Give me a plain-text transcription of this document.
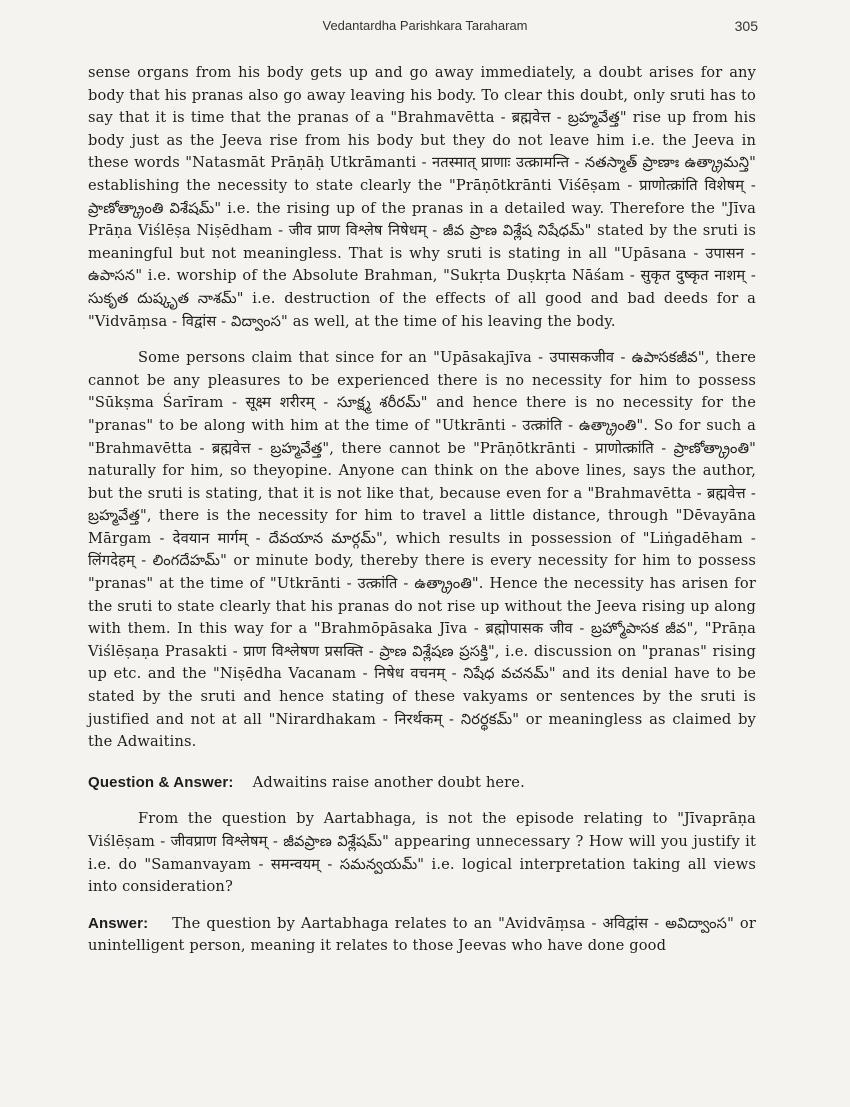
Vedantardha Parishkara Taraharam	305

sense organs from his body gets up and go away immediately, a doubt arises for any body that his pranas also go away leaving his body. To clear this doubt, only sruti has to say that it is time that the pranas of a "Brahmavētta - ब्रह्मवेत्त - బ్రహ్మవేత్త" rise up from his body just as the Jeeva rise from his body but they do not leave him i.e. the Jeeva in these words "Natasmāt Prāṇāḥ Utkrāmanti - नतस्मात् प्राणाः उत्क्रामन्ति - నతస్మాత్ ప్రాణాః ఉత్క్రామన్తి" establishing the necessity to state clearly the "Prāṇōtkrānti Viśēṣam - प्राणोत्क्रांति विशेषम् - ప్రాణోత్క్రాంతి విశేషమ్" i.e. the rising up of the pranas in a detailed way. Therefore the "Jīva Prāṇa Viślēṣa Niṣēdham - जीव प्राण विश्लेष निषेधम् - జీవ ప్రాణ విశ్లేష నిషేధమ్" stated by the sruti is meaningful but not meaningless. That is why sruti is stating in all "Upāsana - उपासन - ఉపాసన" i.e. worship of the Absolute Brahman, "Sukṛta Duṣkṛta Nāśam - सुकृत दुष्कृत नाशम् - సుకృత దుష్కృత నాశమ్" i.e. destruction of the effects of all good and bad deeds for a "Vidvāṃsa - विद्वांस - విద్వాంస" as well, at the time of his leaving the body.

Some persons claim that since for an "Upāsakajīva - उपासकजीव - ఉపాసకజీవ", there cannot be any pleasures to be experienced there is no necessity for him to possess "Sūkṣma Śarīram - सूक्ष्म शरीरम् - సూక్ష్మ శరీరమ్" and hence there is no necessity for the "pranas" to be along with him at the time of "Utkrānti - उत्क्रांति - ఉత్క్రాంతి". So for such a "Brahmavētta - ब्रह्मवेत्त - బ్రహ్మవేత్త", there cannot be "Prāṇōtkrānti - प्राणोत्क्रांति - ప్రాణోత్క్రాంతి" naturally for him, so theyopine. Anyone can think on the above lines, says the author, but the sruti is stating, that it is not like that, because even for a "Brahmavētta - ब्रह्मवेत्त - బ్రహ్మవేత్త", there is the necessity for him to travel a little distance, through "Dēvayāna Mārgam - देवयान मार्गम् - దేవయాన మార్గమ్", which results in possession of "Liṅgadēham - लिंगदेहम् - లింగదేహమ్" or minute body, thereby there is every necessity for him to possess "pranas" at the time of "Utkrānti - उत्क्रांति - ఉత్క్రాంతి". Hence the necessity has arisen for the sruti to state clearly that his pranas do not rise up without the Jeeva rising up along with them. In this way for a "Brahmōpāsaka Jīva - ब्रह्मोपासक जीव - బ్రహ్మోపాసక జీవ", "Prāṇa Viślēṣaṇa Prasakti - प्राण विश्लेषण प्रसक्ति - ప్రాణ విశ్లేషణ ప్రసక్తి", i.e. discussion on "pranas" rising up etc. and the "Niṣēdha Vacanam - निषेध वचनम् - నిషేధ వచనమ్" and its denial have to be stated by the sruti and hence stating of these vakyams or sentences by the sruti is justified and not at all "Nirardhakam - निरर्थकम् - నిరర్థకమ్" or meaningless as claimed by the Adwaitins.

Question & Answer: Adwaitins raise another doubt here.

From the question by Aartabhaga, is not the episode relating to "Jīvaprāṇa Viślēṣam - जीवप्राण विश्लेषम् - జీవప్రాణ విశ్లేషమ్" appearing unnecessary ? How will you justify it i.e. do "Samanvayam - समन्वयम् - సమన్వయమ్" i.e. logical interpretation taking all views into consideration?

Answer: The question by Aartabhaga relates to an "Avidvāṃsa - अविद्वांस - అవిద్వాంస" or unintelligent person, meaning it relates to those Jeevas who have done good
